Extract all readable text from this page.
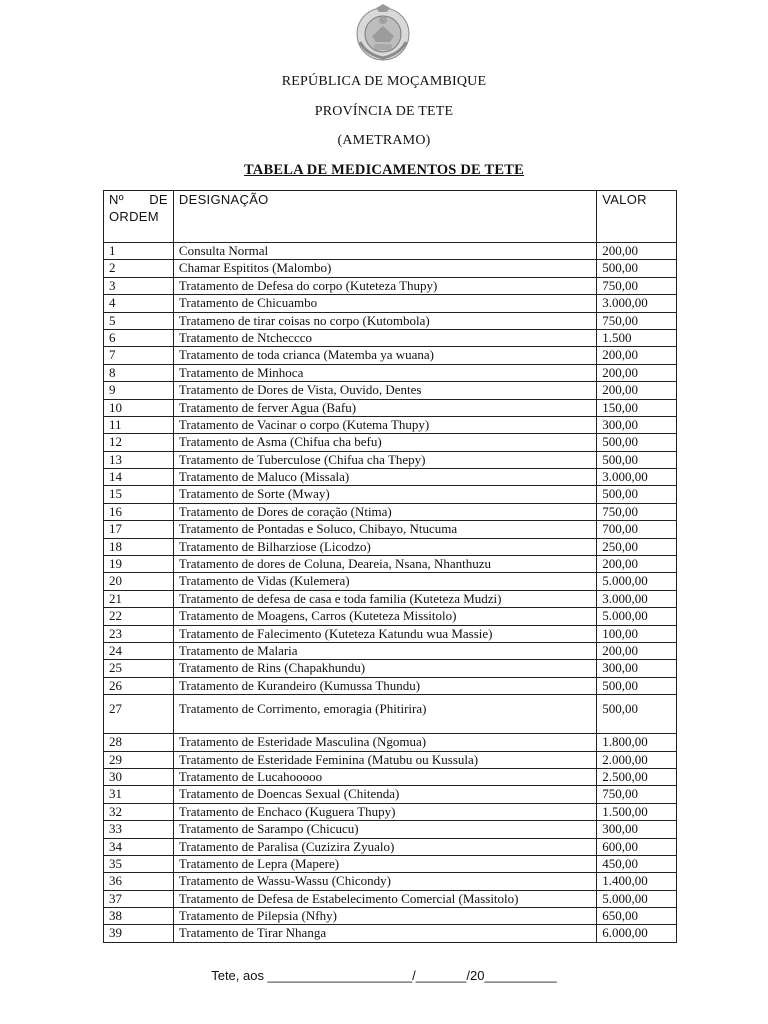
REPÚBLICA DE MOÇAMBIQUE
PROVÍNCIA DE TETE
(AMETRAMO)
TABELA DE MEDICAMENTOS DE TETE
Nº DE ORDEM	DESIGNAÇÃO	VALOR
1	Consulta Normal	200,00
2	Chamar Espititos (Malombo)	500,00
3	Tratamento de Defesa do corpo (Kuteteza Thupy)	750,00
4	Tratamento de Chicuambo	3.000,00
5	Tratameno de tirar coisas no corpo (Kutombola)	750,00
6	Tratamento de Ntcheccco	1.500
7	Tratamento de toda crianca (Matemba ya wuana)	200,00
8	Tratamento de Minhoca	200,00
9	Tratamento de Dores de Vista, Ouvido, Dentes	200,00
10	Tratamento de ferver Agua (Bafu)	150,00
11	Tratamento de Vacinar o corpo (Kutema Thupy)	300,00
12	Tratamento de Asma (Chifua cha befu)	500,00
13	Tratamento de Tuberculose (Chifua cha Thepy)	500,00
14	Tratamento de Maluco (Missala)	3.000,00
15	Tratamento de Sorte (Mway)	500,00
16	Tratamento de Dores de coração (Ntima)	750,00
17	Tratamento de Pontadas e Soluco, Chibayo, Ntucuma	700,00
18	Tratamento de Bilharziose (Licodzo)	250,00
19	Tratamento de dores de Coluna, Deareia, Nsana, Nhanthuzu	200,00
20	Tratamento de Vidas (Kulemera)	5.000,00
21	Tratamento de defesa de casa e toda familia (Kuteteza Mudzi)	3.000,00
22	Tratamento de Moagens, Carros (Kuteteza Missitolo)	5.000,00
23	Tratamento de Falecimento (Kuteteza Katundu wua Massie)	100,00
24	Tratamento de Malaria	200,00
25	Tratamento de Rins (Chapakhundu)	300,00
26	Tratamento de Kurandeiro (Kumussa Thundu)	500,00
27	Tratamento de Corrimento, emoragia (Phitirira)	500,00
28	Tratamento de Esteridade Masculina (Ngomua)	1.800,00
29	Tratamento de Esteridade Feminina (Matubu ou Kussula)	2.000,00
30	Tratamento de Lucahooooo	2.500,00
31	Tratamento de Doencas Sexual (Chitenda)	750,00
32	Tratamento de Enchaco (Kuguera Thupy)	1.500,00
33	Tratamento de Sarampo (Chicucu)	300,00
34	Tratamento de Paralisa (Cuzizira Zyualo)	600,00
35	Tratamento de Lepra (Mapere)	450,00
36	Tratamento de Wassu-Wassu (Chicondy)	1.400,00
37	Tratamento de Defesa de Estabelecimento Comercial (Massitolo)	5.000,00
38	Tratamento de Pilepsia (Nfhy)	650,00
39	Tratamento de Tirar Nhanga	6.000,00
Tete, aos ____________________/_______/20__________
